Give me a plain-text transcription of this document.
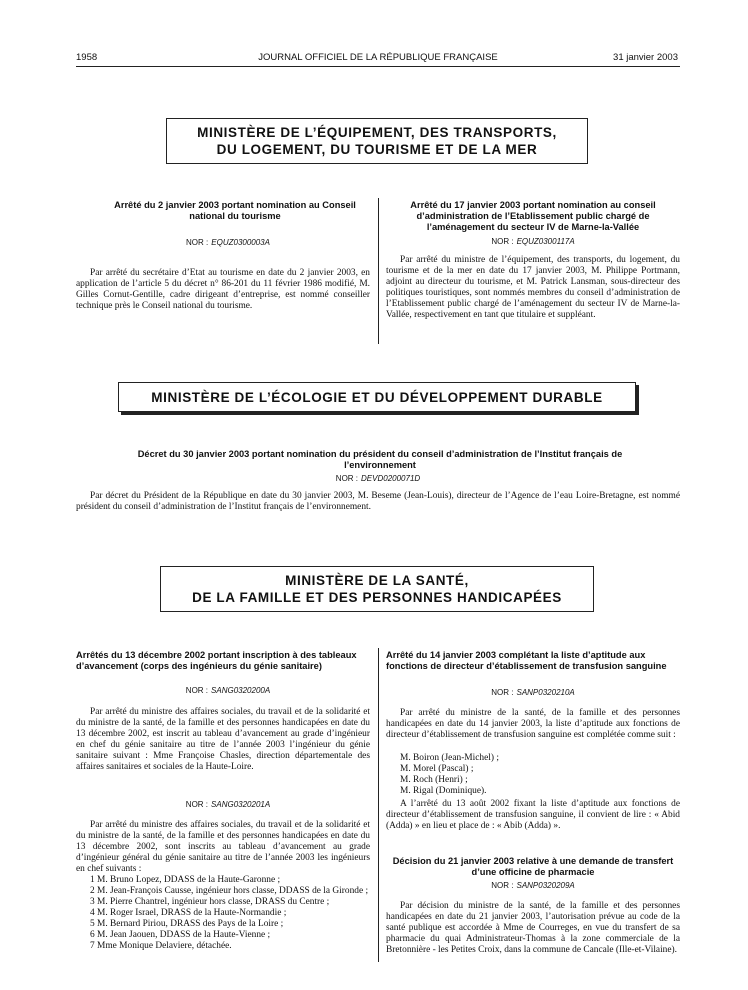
1958	JOURNAL OFFICIEL DE LA RÉPUBLIQUE FRANÇAISE	31 janvier 2003
MINISTÈRE DE L’ÉQUIPEMENT, DES TRANSPORTS,
DU LOGEMENT, DU TOURISME ET DE LA MER
Arrêté du 2 janvier 2003 portant nomination au Conseil national du tourisme
NOR : EQUZ0300003A

Par arrêté du secrétaire d’Etat au tourisme en date du 2 janvier 2003, en application de l’article 5 du décret n° 86-201 du 11 février 1986 modifié, M. Gilles Cornut-Gentille, cadre dirigeant d’entreprise, est nommé conseiller technique près le Conseil national du tourisme.

Arrêté du 17 janvier 2003 portant nomination au conseil d’administration de l’Etablissement public chargé de l’aménagement du secteur IV de Marne-la-Vallée
NOR : EQUZ0300117A

Par arrêté du ministre de l’équipement, des transports, du logement, du tourisme et de la mer en date du 17 janvier 2003, M. Philippe Portmann, adjoint au directeur du tourisme, et M. Patrick Lansman, sous-directeur des politiques touristiques, sont nommés membres du conseil d’administration de l’Etablissement public chargé de l’aménagement du secteur IV de Marne-la-Vallée, respectivement en tant que titulaire et suppléant.

MINISTÈRE DE L’ÉCOLOGIE ET DU DÉVELOPPEMENT DURABLE
Décret du 30 janvier 2003 portant nomination du président du conseil d’administration de l’Institut français de l’environnement
NOR : DEVD0200071D

Par décret du Président de la République en date du 30 janvier 2003, M. Beseme (Jean-Louis), directeur de l’Agence de l’eau Loire-Bretagne, est nommé président du conseil d’administration de l’Institut français de l’environnement.

MINISTÈRE DE LA SANTÉ,
DE LA FAMILLE ET DES PERSONNES HANDICAPÉES
Arrêtés du 13 décembre 2002 portant inscription à des tableaux d’avancement (corps des ingénieurs du génie sanitaire)
NOR : SANG0320200A

Par arrêté du ministre des affaires sociales, du travail et de la solidarité et du ministre de la santé, de la famille et des personnes handicapées en date du 13 décembre 2002, est inscrit au tableau d’avancement au grade d’ingénieur en chef du génie sanitaire au titre de l’année 2003 l’ingénieur du génie sanitaire suivant : Mme Françoise Chasles, direction départementale des affaires sanitaires et sociales de la Haute-Loire.

NOR : SANG0320201A

Par arrêté du ministre des affaires sociales, du travail et de la solidarité et du ministre de la santé, de la famille et des personnes handicapées en date du 13 décembre 2002, sont inscrits au tableau d’avancement au grade d’ingénieur général du génie sanitaire au titre de l’année 2003 les ingénieurs en chef suivants :

1 M. Bruno Lopez, DDASS de la Haute-Garonne ;
2 M. Jean-François Causse, ingénieur hors classe, DDASS de la Gironde ;
3 M. Pierre Chantrel, ingénieur hors classe, DRASS du Centre ;
4 M. Roger Israel, DRASS de la Haute-Normandie ;
5 M. Bernard Piriou, DRASS des Pays de la Loire ;
6 M. Jean Jaouen, DDASS de la Haute-Vienne ;
7 Mme Monique Delaviere, détachée.
Arrêté du 14 janvier 2003 complétant la liste d’aptitude aux fonctions de directeur d’établissement de transfusion sanguine
NOR : SANP0320210A

Par arrêté du ministre de la santé, de la famille et des personnes handicapées en date du 14 janvier 2003, la liste d’aptitude aux fonctions de directeur d’établissement de transfusion sanguine est complétée comme suit :

M. Boiron (Jean-Michel) ;
M. Morel (Pascal) ;
M. Roch (Henri) ;
M. Rigal (Dominique).

A l’arrêté du 13 août 2002 fixant la liste d’aptitude aux fonctions de directeur d’établissement de transfusion sanguine, il convient de lire : « Abid (Adda) » en lieu et place de : « Abib (Adda) ».

Décision du 21 janvier 2003 relative à une demande de transfert d’une officine de pharmacie
NOR : SANP0320209A

Par décision du ministre de la santé, de la famille et des personnes handicapées en date du 21 janvier 2003, l’autorisation prévue au code de la santé publique est accordée à Mme de Courreges, en vue du transfert de sa pharmacie du quai Administrateur-Thomas à la zone commerciale de la Bretonnière - les Petites Croix, dans la commune de Cancale (Ille-et-Vilaine).
